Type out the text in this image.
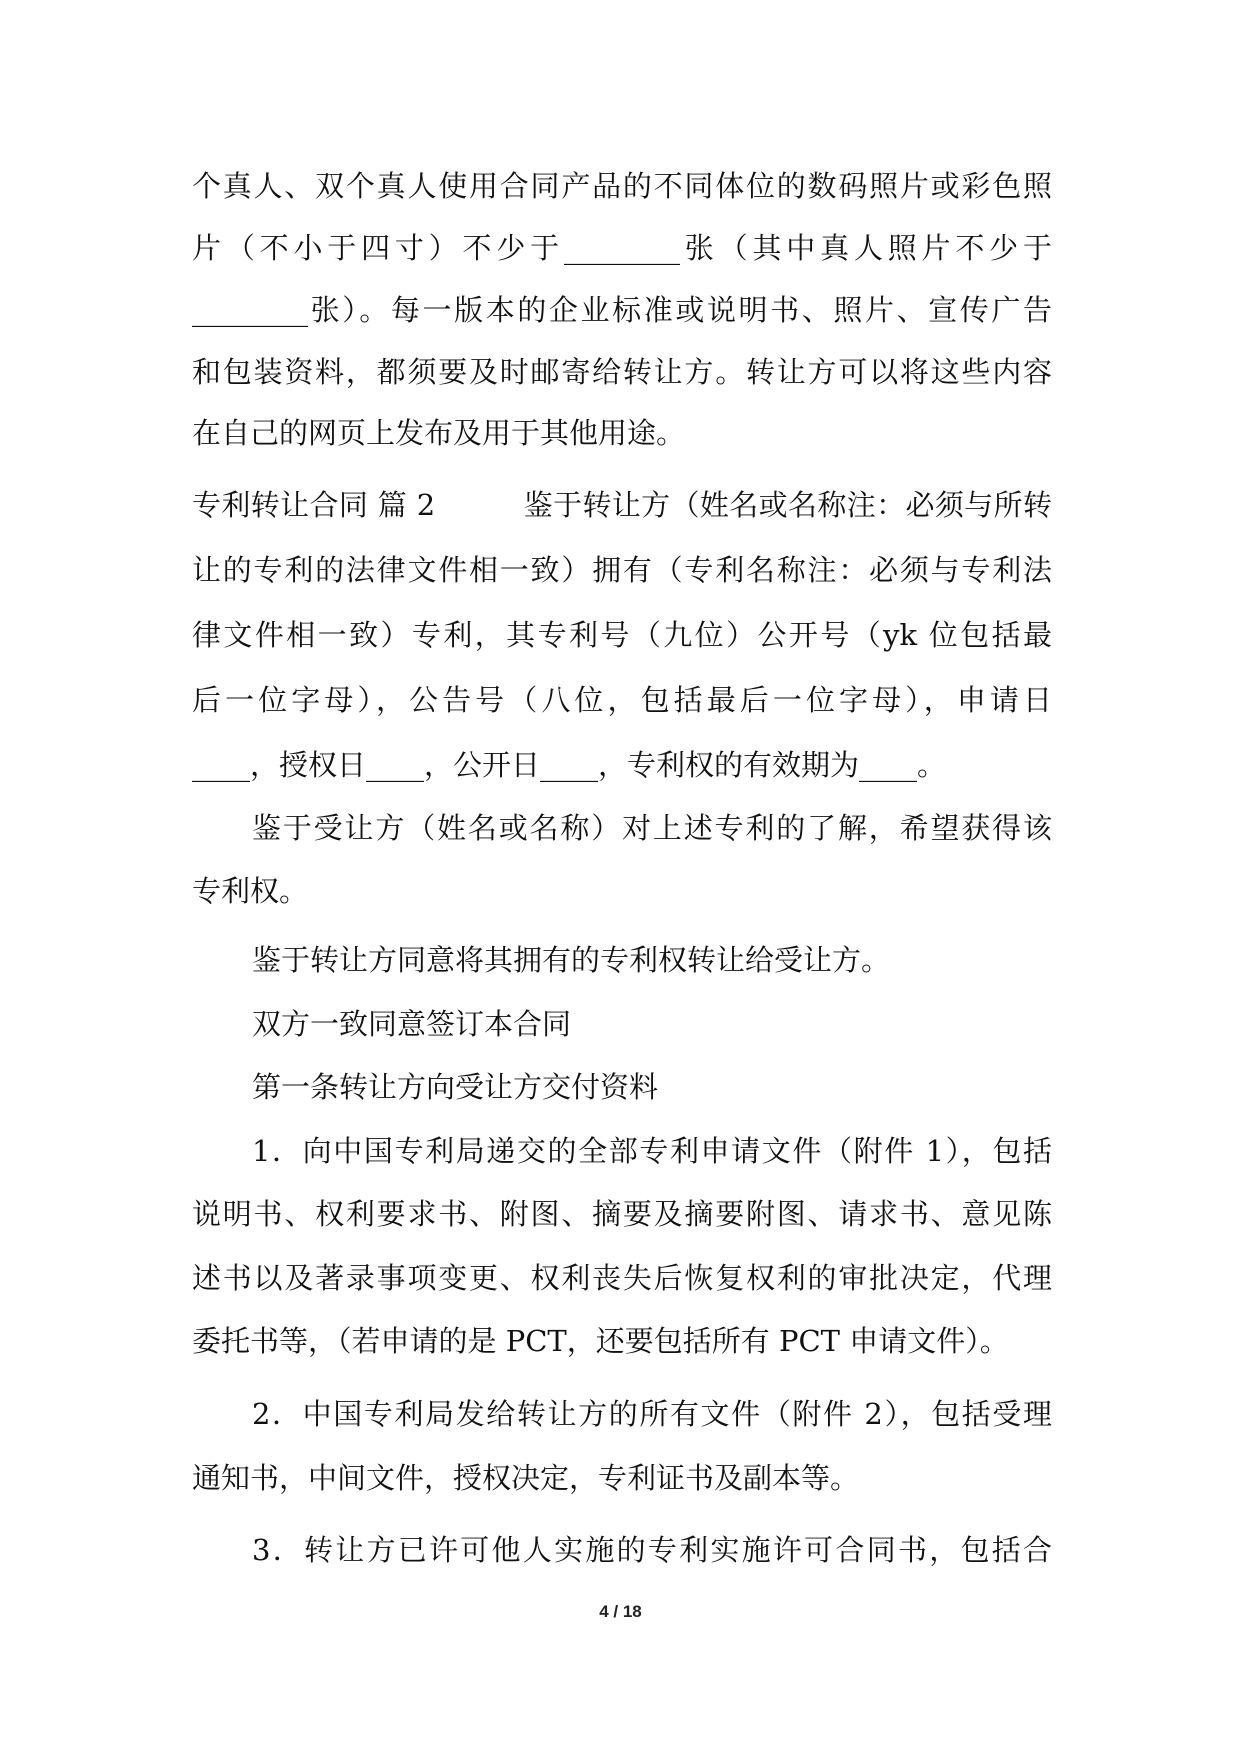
个真人、双个真人使用合同产品的不同体位的数码照片或彩色照
片（不小于四寸）不少于________张（其中真人照片不少于
________张）。每一版本的企业标准或说明书、照片、宣传广告
和包装资料，都须要及时邮寄给转让方。转让方可以将这些内容
在自己的网页上发布及用于其他用途。
专利转让合同 篇 2　　　鉴于转让方（姓名或名称注：必须与所转
让的专利的法律文件相一致）拥有（专利名称注：必须与专利法
律文件相一致）专利，其专利号（九位）公开号（yk 位包括最
后一位字母），公告号（八位，包括最后一位字母），申请日
____，授权日____，公开日____，专利权的有效期为____。
鉴于受让方（姓名或名称）对上述专利的了解，希望获得该
专利权。
鉴于转让方同意将其拥有的专利权转让给受让方。
双方一致同意签订本合同
第一条转让方向受让方交付资料
1．向中国专利局递交的全部专利申请文件（附件 1），包括
说明书、权利要求书、附图、摘要及摘要附图、请求书、意见陈
述书以及著录事项变更、权利丧失后恢复权利的审批决定，代理
委托书等，（若申请的是 PCT，还要包括所有 PCT 申请文件）。
2．中国专利局发给转让方的所有文件（附件 2），包括受理
通知书，中间文件，授权决定，专利证书及副本等。
3．转让方已许可他人实施的专利实施许可合同书，包括合
4 / 18
